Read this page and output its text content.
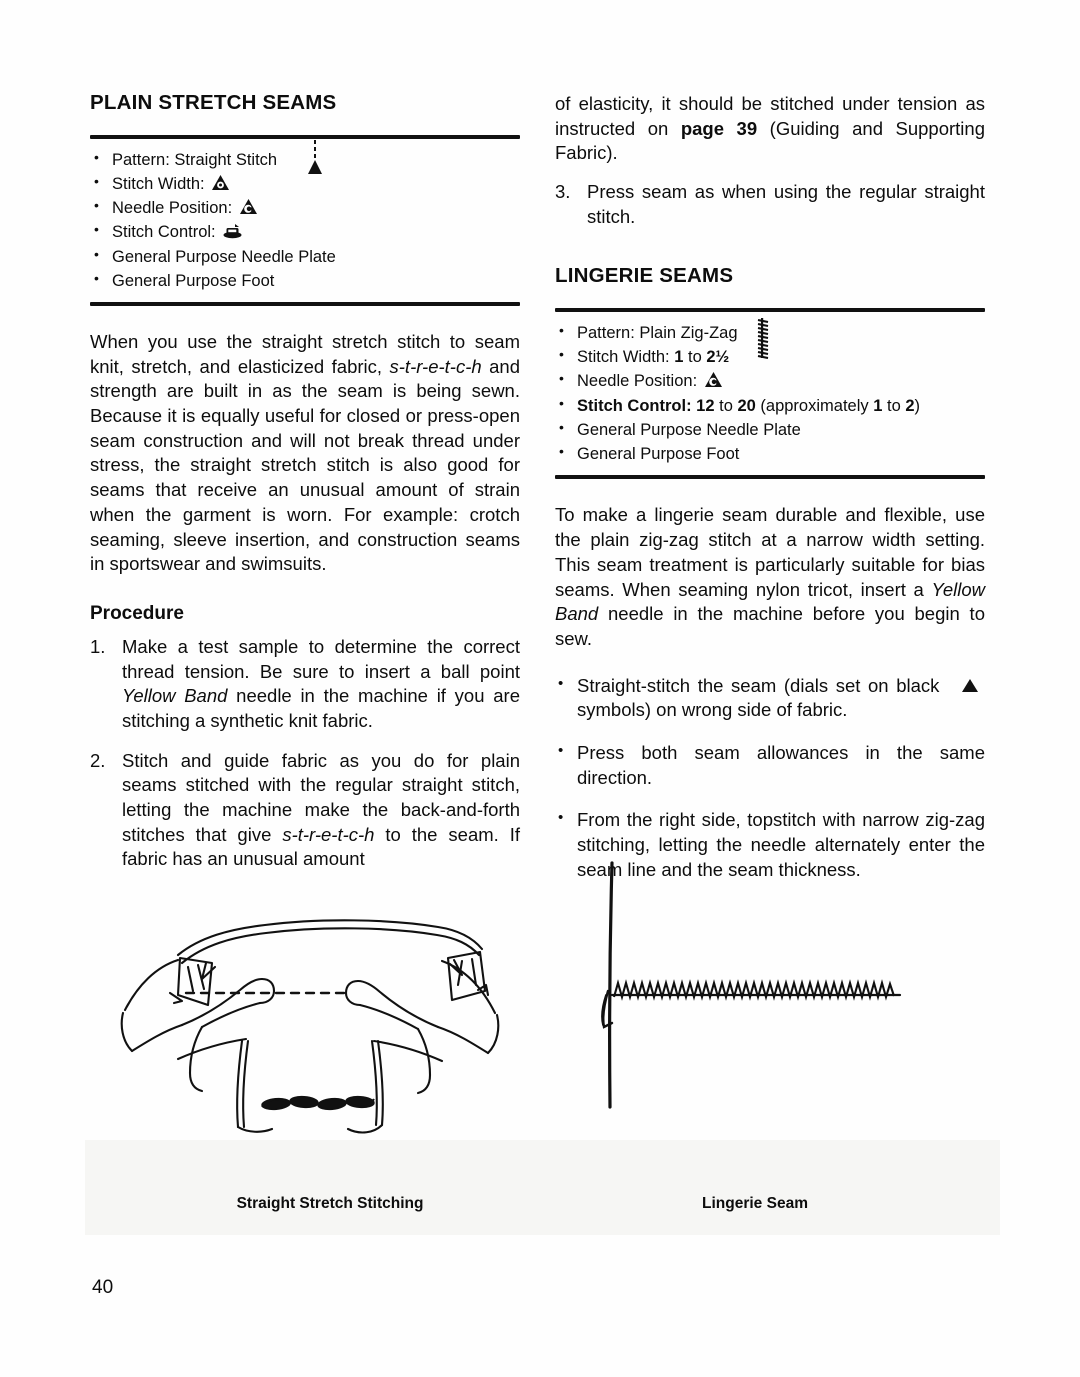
PLAIN STRETCH SEAMS
• Pattern: Straight Stitch
• Stitch Width:
• Needle Position:
• Stitch Control:
• General Purpose Needle Plate
• General Purpose Foot

When you use the straight stretch stitch to seam knit, stretch, and elasticized fabric, s-t-r-e-t-c-h and strength are built in as the seam is being sewn. Because it is equally useful for closed or press-open seam construction and will not break thread under stress, the straight stretch stitch is also good for seams that receive an unusual amount of strain when the garment is worn. For example: crotch seaming, sleeve insertion, and construction seams in sportswear and swimsuits.

Procedure
1. Make a test sample to determine the correct thread tension. Be sure to insert a ball point Yellow Band needle in the machine if you are stitching a synthetic knit fabric.
2. Stitch and guide fabric as you do for plain seams stitched with the regular straight stitch, letting the machine make the back-and-forth stitches that give s-t-r-e-t-c-h to the seam. If fabric has an unusual amount

of elasticity, it should be stitched under tension as instructed on page 39 (Guiding and Supporting Fabric).

3. Press seam as when using the regular straight stitch.
LINGERIE SEAMS
• Pattern: Plain Zig-Zag
• Stitch Width: 1 to 2½
• Needle Position:
• Stitch Control: 12 to 20 (approximately 1 to 2)
• General Purpose Needle Plate
• General Purpose Foot

To make a lingerie seam durable and flexible, use the plain zig-zag stitch at a narrow width setting. This seam treatment is particularly suitable for bias seams. When seaming nylon tricot, insert a Yellow Band needle in the machine before you begin to sew.

• Straight-stitch the seam (dials set on black
symbols) on wrong side of fabric.
• Press both seam allowances in the same direction.
• From the right side, topstitch with narrow zig-zag stitching, letting the needle alternately enter the seam line and the seam thickness.
Straight Stretch Stitching	Lingerie Seam
40
